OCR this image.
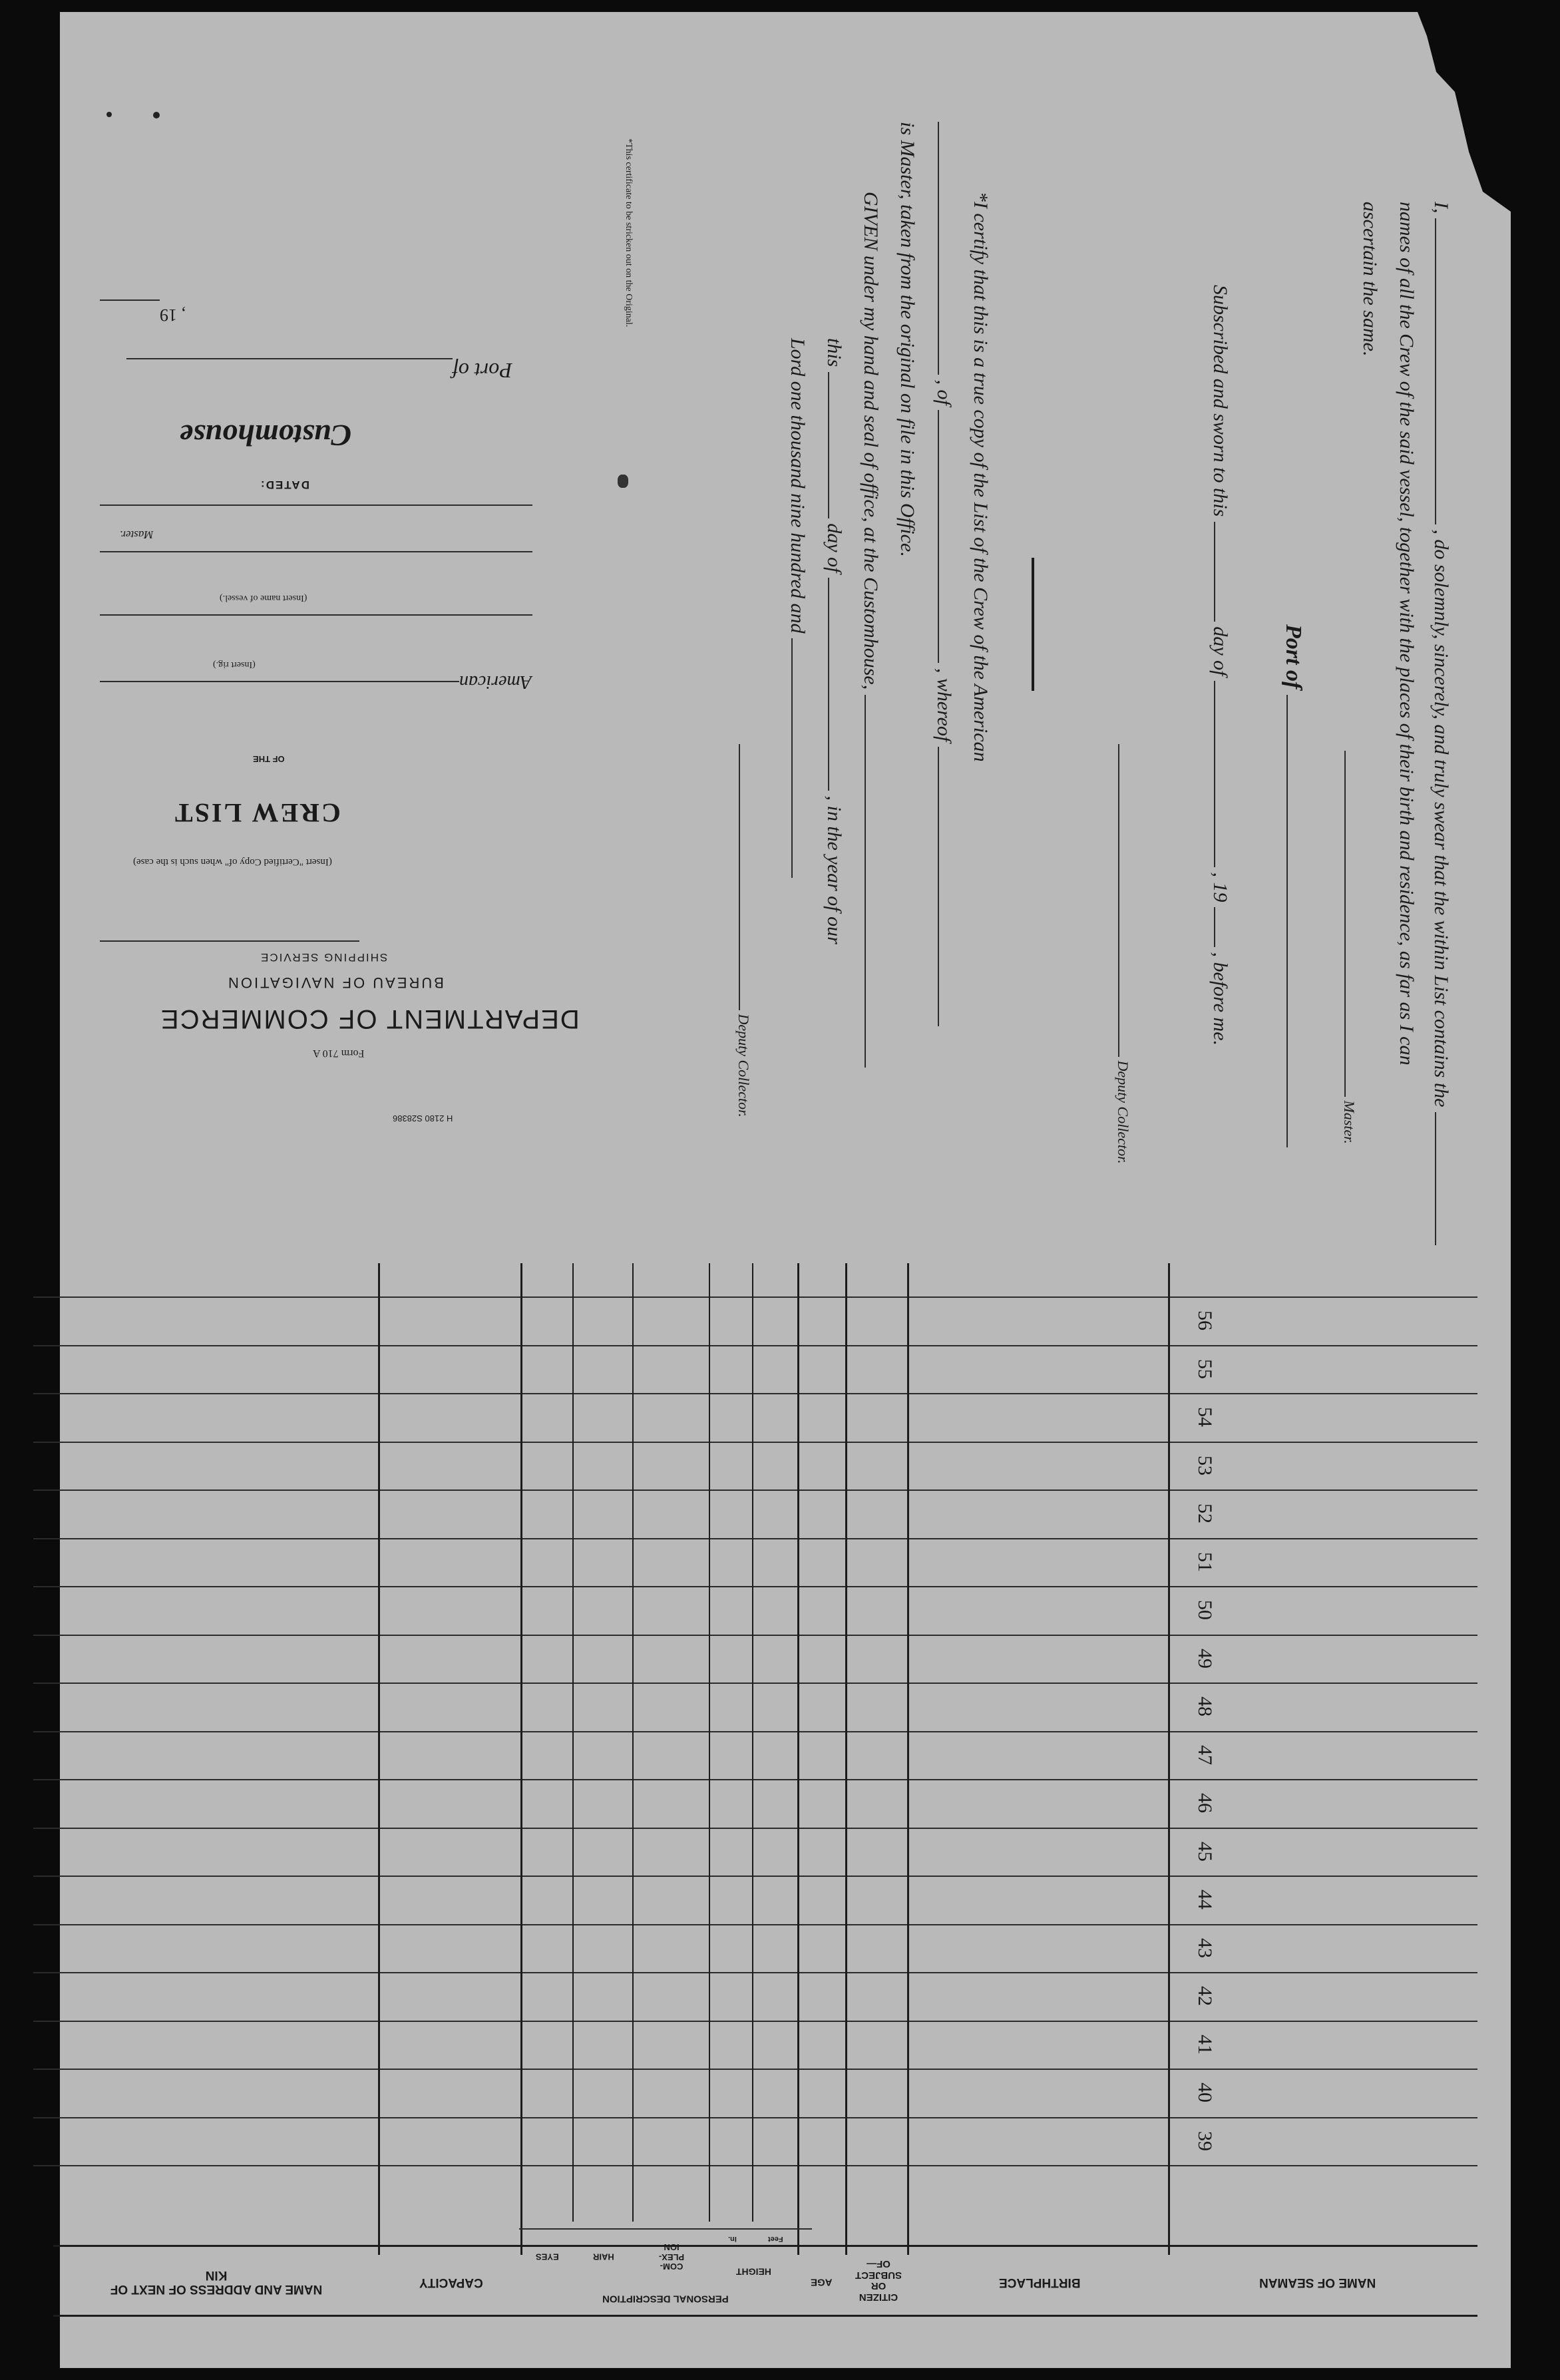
I,  , do solemnly, sincerely, and truly swear that the within List contains the
names of all the Crew of the said vessel, together with the places of their birth and residence, as far as I can
ascertain the same.
Master.
Port of
Subscribed and sworn to this  day of  , 19  , before me.
Deputy Collector.
*I certify that this is a true copy of the List of the Crew of the American
, of  , whereof
is Master, taken from the original on file in this Office.
GIVEN under my hand and seal of office, at the Customhouse,
this  day of  , in the year of our
Lord one thousand nine hundred and
Deputy Collector.
*This certificate to be stricken out on the Original.
H 2180 S28386
Form 710 A
DEPARTMENT OF COMMERCE
BUREAU OF NAVIGATION
SHIPPING SERVICE
(Insert "Certified Copy of" when such is the case)
CREW LIST
OF THE
American
(Insert rig.)
(Insert name of vessel.)
Master.
DATED:
Customhouse
Port of
, 19
NAME OF SEAMAN
BIRTHPLACE
CITIZEN OR SUBJECT OF—
AGE
HEIGHT
Feet
In.
COM-PLEX-ION
HAIR
EYES
PERSONAL DESCRIPTION
CAPACITY
NAME AND ADDRESS OF NEXT OF KIN
56
55
54
53
52
51
50
49
48
47
46
45
44
43
42
41
40
39
